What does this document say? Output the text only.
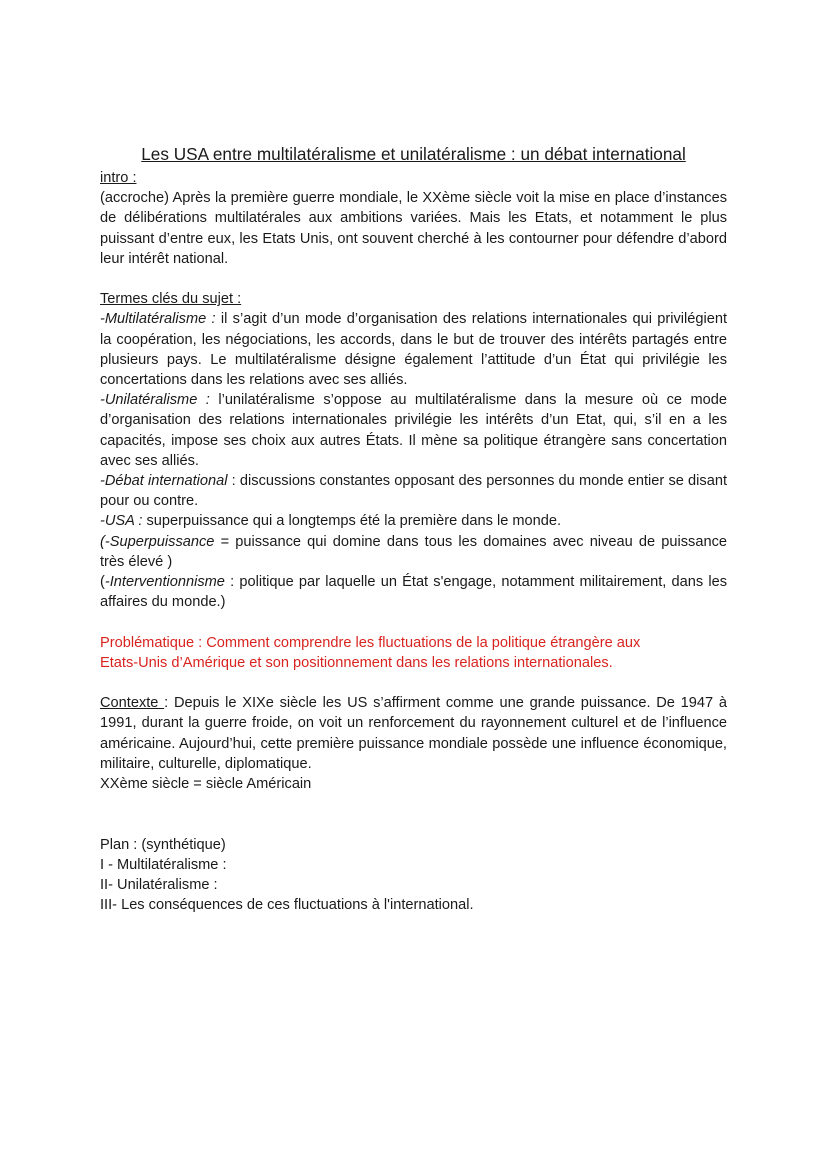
Les USA entre multilatéralisme et unilatéralisme : un débat international

intro :

(accroche) Après la première guerre mondiale, le XXème siècle voit la mise en place d’instances de délibérations multilatérales aux ambitions variées. Mais les Etats, et notamment le plus puissant d’entre eux, les Etats Unis, ont souvent cherché à les contourner pour défendre d’abord leur intérêt national.

Termes clés du sujet :

-Multilatéralisme : il s’agit d’un mode d’organisation des relations internationales qui privilégient la coopération, les négociations, les accords, dans le but de trouver des intérêts partagés entre plusieurs pays. Le multilatéralisme désigne également l’attitude d’un État qui privilégie les concertations dans les relations avec ses alliés.

-Unilatéralisme : l’unilatéralisme s’oppose au multilatéralisme dans la mesure où ce mode d’organisation des relations internationales privilégie les intérêts d’un Etat, qui, s’il en a les capacités, impose ses choix aux autres États. Il mène sa politique étrangère sans concertation avec ses alliés.

-Débat international : discussions constantes opposant des personnes du monde entier se disant pour ou contre.

-USA : superpuissance qui a longtemps été la première dans le monde.

(-Superpuissance = puissance qui domine dans tous les domaines avec niveau de puissance très élevé )

(-Interventionnisme : politique par laquelle un État s'engage, notamment militairement, dans les affaires du monde.)

Problématique : Comment comprendre les fluctuations de la politique étrangère aux

Etats-Unis d’Amérique et son positionnement dans les relations internationales.

Contexte : Depuis le XIXe siècle les US s’affirment comme une grande puissance. De 1947 à 1991, durant la guerre froide, on voit un renforcement du rayonnement culturel et de l’influence américaine. Aujourd’hui, cette première puissance mondiale possède une influence économique, militaire, culturelle, diplomatique.

XXème siècle = siècle Américain

Plan : (synthétique)

I - Multilatéralisme :

II- Unilatéralisme :

III- Les conséquences de ces fluctuations à l'international.
